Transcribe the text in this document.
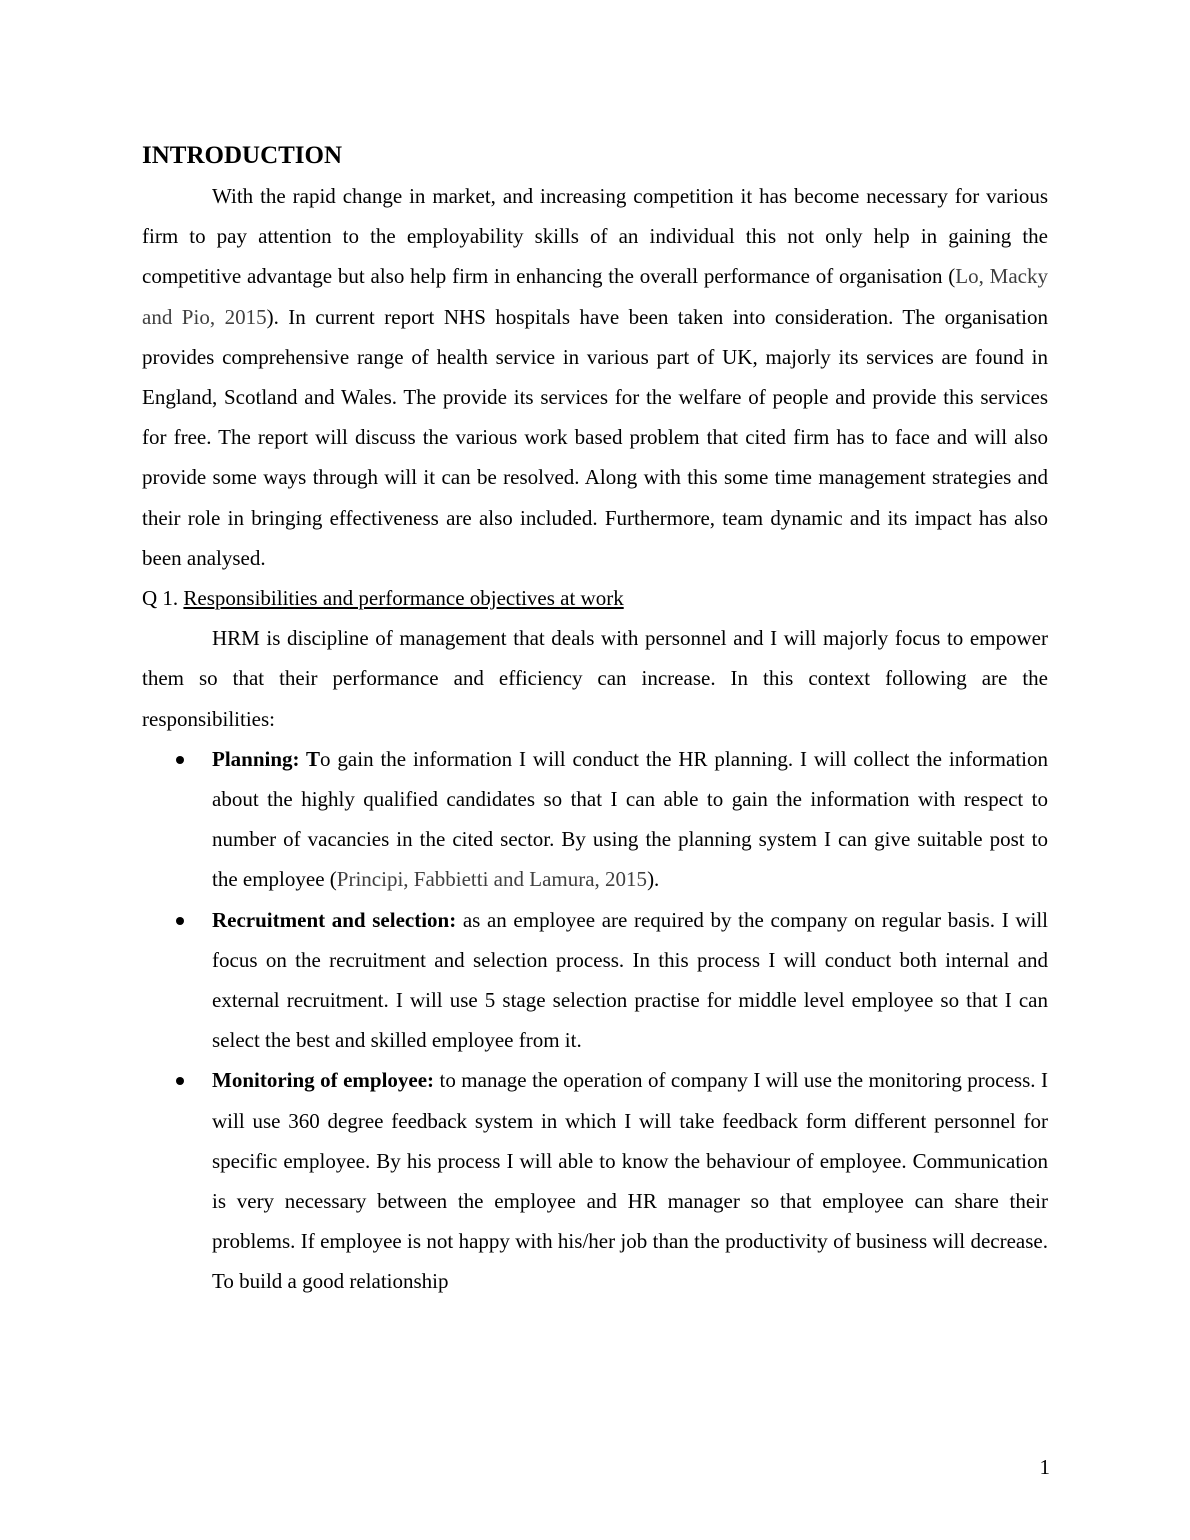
INTRODUCTION

With the rapid change in market, and increasing competition it has become necessary for various firm to pay attention to the employability skills of an individual this not only help in gaining the competitive advantage but also help firm in enhancing the overall performance of organisation (Lo, Macky and Pio, 2015). In current report NHS hospitals have been taken into consideration. The organisation provides comprehensive range of health service in various part of UK, majorly its services are found in England, Scotland and Wales. The provide its services for the welfare of people and provide this services for free. The report will discuss the various work based problem that cited firm has to face and will also provide some ways through will it can be resolved. Along with this some time management strategies and their role in bringing effectiveness are also included. Furthermore, team dynamic and its impact has also been analysed.

Q 1. Responsibilities and performance objectives at work

HRM is discipline of management that deals with personnel and I will majorly focus to empower them so that their performance and efficiency can increase. In this context following are the responsibilities:

Planning: To gain the information I will conduct the HR planning. I will collect the information about the highly qualified candidates so that I can able to gain the information with respect to number of vacancies in the cited sector. By using the planning system I can give suitable post to the employee (Principi, Fabbietti and Lamura, 2015).
Recruitment and selection: as an employee are required by the company on regular basis. I will focus on the recruitment and selection process. In this process I will conduct both internal and external recruitment. I will use 5 stage selection practise for middle level employee so that I can select the best and skilled employee from it.
Monitoring of employee: to manage the operation of company I will use the monitoring process. I will use 360 degree feedback system in which I will take feedback form different personnel for specific employee. By his process I will able to know the behaviour of employee. Communication is very necessary between the employee and HR manager so that employee can share their problems. If employee is not happy with his/her job than the productivity of business will decrease. To build a good relationship
1
